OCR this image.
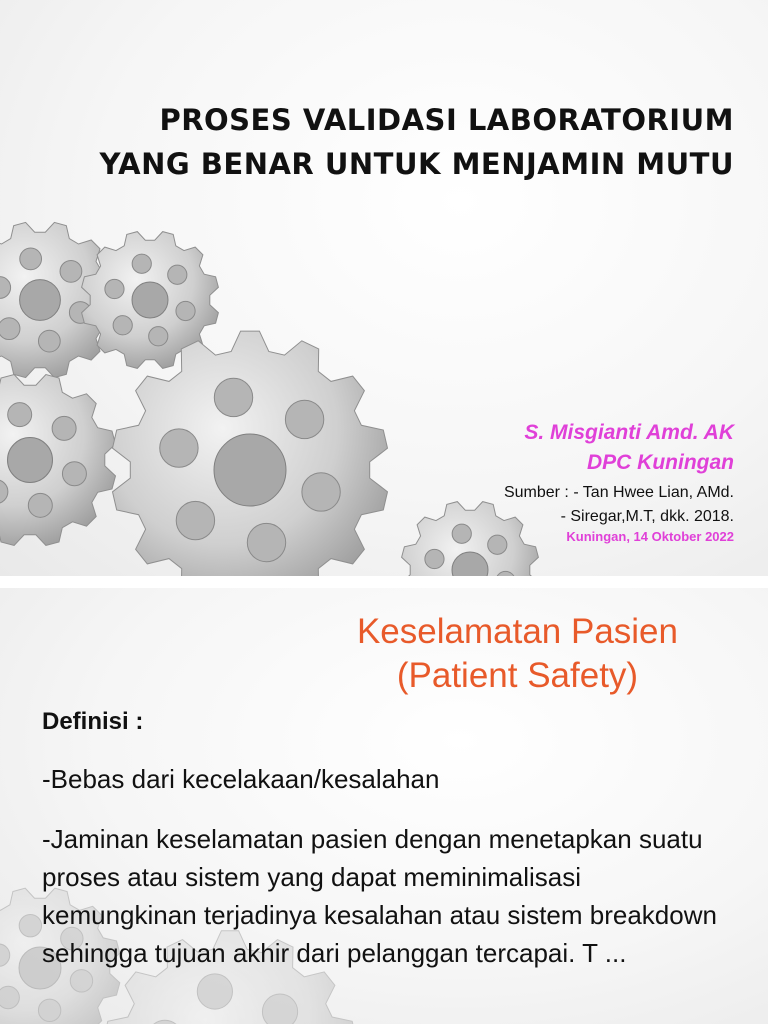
PROSES VALIDASI LABORATORIUM
YANG BENAR UNTUK MENJAMIN MUTU
S. Misgianti Amd. AK
DPC Kuningan
Sumber : - Tan Hwee Lian, AMd.
- Siregar,M.T, dkk. 2018.
Kuningan, 14 Oktober 2022
Keselamatan Pasien
(Patient Safety)
Definisi :
-Bebas dari kecelakaan/kesalahan
-Jaminan keselamatan pasien dengan menetapkan suatu proses atau sistem yang dapat meminimalisasi kemungkinan terjadinya kesalahan atau sistem breakdown sehingga tujuan akhir dari pelanggan tercapai. T ...
